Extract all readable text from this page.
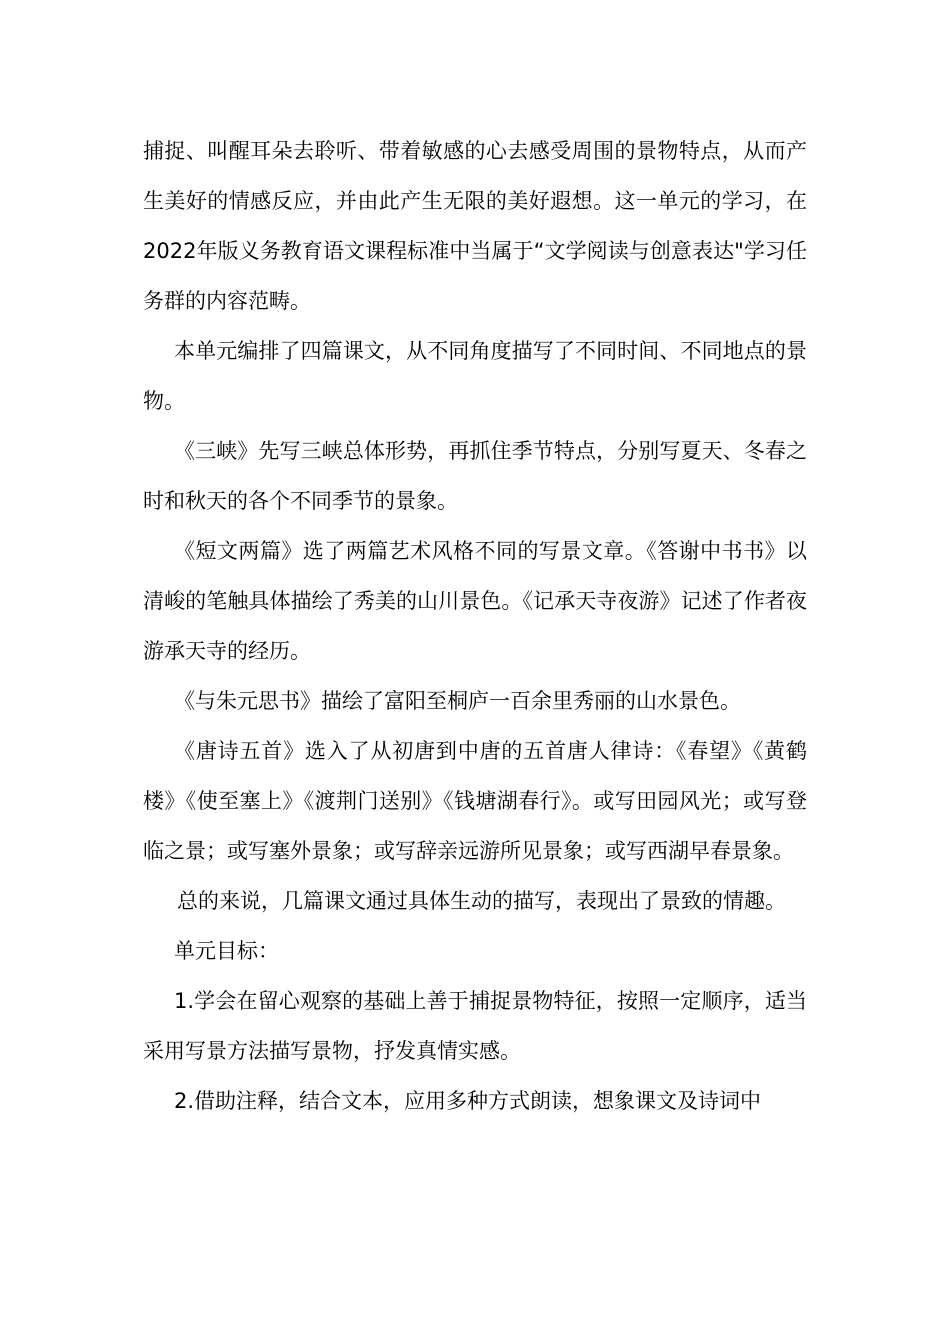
捕捉、叫醒耳朵去聆听、带着敏感的心去感受周围的景物特点，从而产生美好的情感反应，并由此产生无限的美好遐想。这一单元的学习，在2022年版义务教育语文课程标准中当属于“文学阅读与创意表达"学习任务群的内容范畴。

本单元编排了四篇课文，从不同角度描写了不同时间、不同地点的景物。

《三峡》先写三峡总体形势，再抓住季节特点，分别写夏天、冬春之时和秋天的各个不同季节的景象。

《短文两篇》选了两篇艺术风格不同的写景文章。《答谢中书书》以清峻的笔触具体描绘了秀美的山川景色。《记承天寺夜游》记述了作者夜游承天寺的经历。

《与朱元思书》描绘了富阳至桐庐一百余里秀丽的山水景色。

《唐诗五首》选入了从初唐到中唐的五首唐人律诗：《春望》《黄鹤楼》《使至塞上》《渡荆门送别》《钱塘湖春行》。或写田园风光；或写登临之景；或写塞外景象；或写辞亲远游所见景象；或写西湖早春景象。

总的来说，几篇课文通过具体生动的描写，表现出了景致的情趣。

单元目标：

1.学会在留心观察的基础上善于捕捉景物特征，按照一定顺序，适当采用写景方法描写景物，抒发真情实感。

2.借助注释，结合文本，应用多种方式朗读，想象课文及诗词中
